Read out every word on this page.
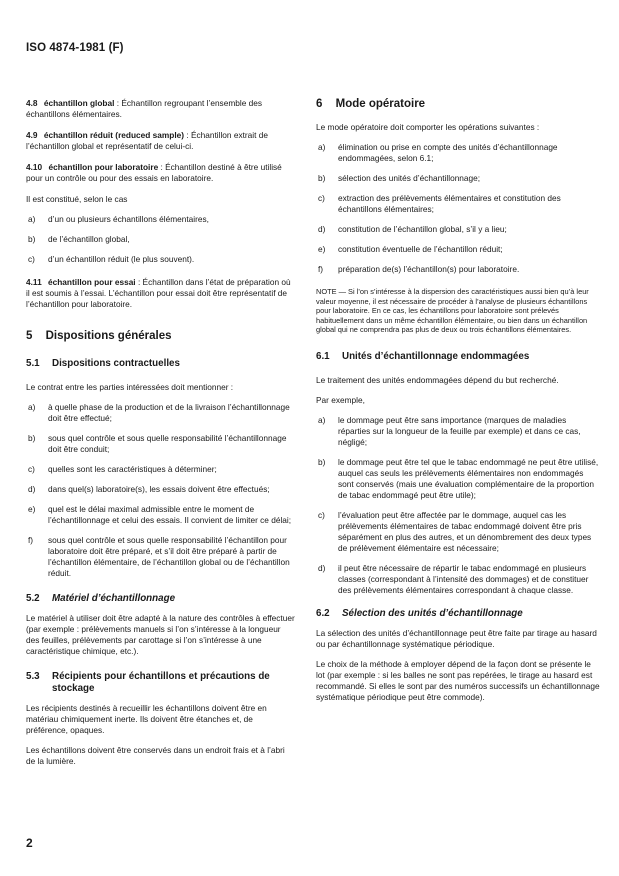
ISO 4874-1981 (F)
4.8 échantillon global : Échantillon regroupant l’ensemble des échantillons élémentaires.
4.9 échantillon réduit (reduced sample) : Échantillon extrait de l’échantillon global et représentatif de celui-ci.
4.10 échantillon pour laboratoire : Échantillon destiné à être utilisé pour un contrôle ou pour des essais en laboratoire.

Il est constitué, selon le cas

a)	d’un ou plusieurs échantillons élémentaires,
b)	de l’échantillon global,
c)	d’un échantillon réduit (le plus souvent).
4.11 échantillon pour essai : Échantillon dans l’état de préparation où il est soumis à l’essai. L’échantillon pour essai doit être représentatif de l’échantillon pour laboratoire.
5 Dispositions générales
5.1	Dispositions contractuelles

Le contrat entre les parties intéressées doit mentionner :

a)	à quelle phase de la production et de la livraison l’échantillonnage doit être effectué;
b)	sous quel contrôle et sous quelle responsabilité l’échantillonnage doit être conduit;
c)	quelles sont les caractéristiques à déterminer;
d)	dans quel(s) laboratoire(s), les essais doivent être effectués;
e)	quel est le délai maximal admissible entre le moment de l’échantillonnage et celui des essais. Il convient de limiter ce délai;
f)	sous quel contrôle et sous quelle responsabilité l’échantillon pour laboratoire doit être préparé, et s’il doit être préparé à partir de l’échantillon élémentaire, de l’échantillon global ou de l’échantillon réduit.
5.2	Matériel d’échantillonnage

Le matériel à utiliser doit être adapté à la nature des contrôles à effectuer (par exemple : prélèvements manuels si l’on s’intéresse à la longueur des feuilles, prélèvements par carottage si l’on s’intéresse à une caractéristique chimique, etc.).

5.3	Récipients pour échantillons et précautions de stockage

Les récipients destinés à recueillir les échantillons doivent être en matériau chimiquement inerte. Ils doivent être étanches et, de préférence, opaques.

Les échantillons doivent être conservés dans un endroit frais et à l’abri de la lumière.

6 Mode opératoire

Le mode opératoire doit comporter les opérations suivantes :

a)	élimination ou prise en compte des unités d’échantillonnage endommagées, selon 6.1;
b)	sélection des unités d’échantillonnage;
c)	extraction des prélèvements élémentaires et constitution des échantillons élémentaires;
d)	constitution de l’échantillon global, s’il y a lieu;
e)	constitution éventuelle de l’échantillon réduit;
f)	préparation de(s) l’échantillon(s) pour laboratoire.

NOTE — Si l’on s’intéresse à la dispersion des caractéristiques aussi bien qu’à leur valeur moyenne, il est nécessaire de procéder à l’analyse de plusieurs échantillons pour laboratoire. En ce cas, les échantillons pour laboratoire sont prélevés habituellement dans un même échantillon élémentaire, ou bien dans un échantillon global qui ne comprendra pas plus de deux ou trois échantillons élémentaires.

6.1	Unités d’échantillonnage endommagées

Le traitement des unités endommagées dépend du but recherché.

Par exemple,

a)	le dommage peut être sans importance (marques de maladies réparties sur la longueur de la feuille par exemple) et dans ce cas, négligé;
b)	le dommage peut être tel que le tabac endommagé ne peut être utilisé, auquel cas seuls les prélèvements élémentaires non endommagés sont conservés (mais une évaluation complémentaire de la proportion de tabac endommagé peut être utile);
c)	l’évaluation peut être affectée par le dommage, auquel cas les prélèvements élémentaires de tabac endommagé doivent être pris séparément en plus des autres, et un dénombrement des deux types de prélèvement élémentaire est nécessaire;
d)	il peut être nécessaire de répartir le tabac endommagé en plusieurs classes (correspondant à l’intensité des dommages) et de constituer des prélèvements élémentaires correspondant à chaque classe.
6.2	Sélection des unités d’échantillonnage

La sélection des unités d’échantillonnage peut être faite par tirage au hasard ou par échantillonnage systématique périodique.

Le choix de la méthode à employer dépend de la façon dont se présente le lot (par exemple : si les balles ne sont pas repérées, le tirage au hasard est recommandé. Si elles le sont par des numéros successifs un échantillonnage systématique périodique peut être commode).

2
